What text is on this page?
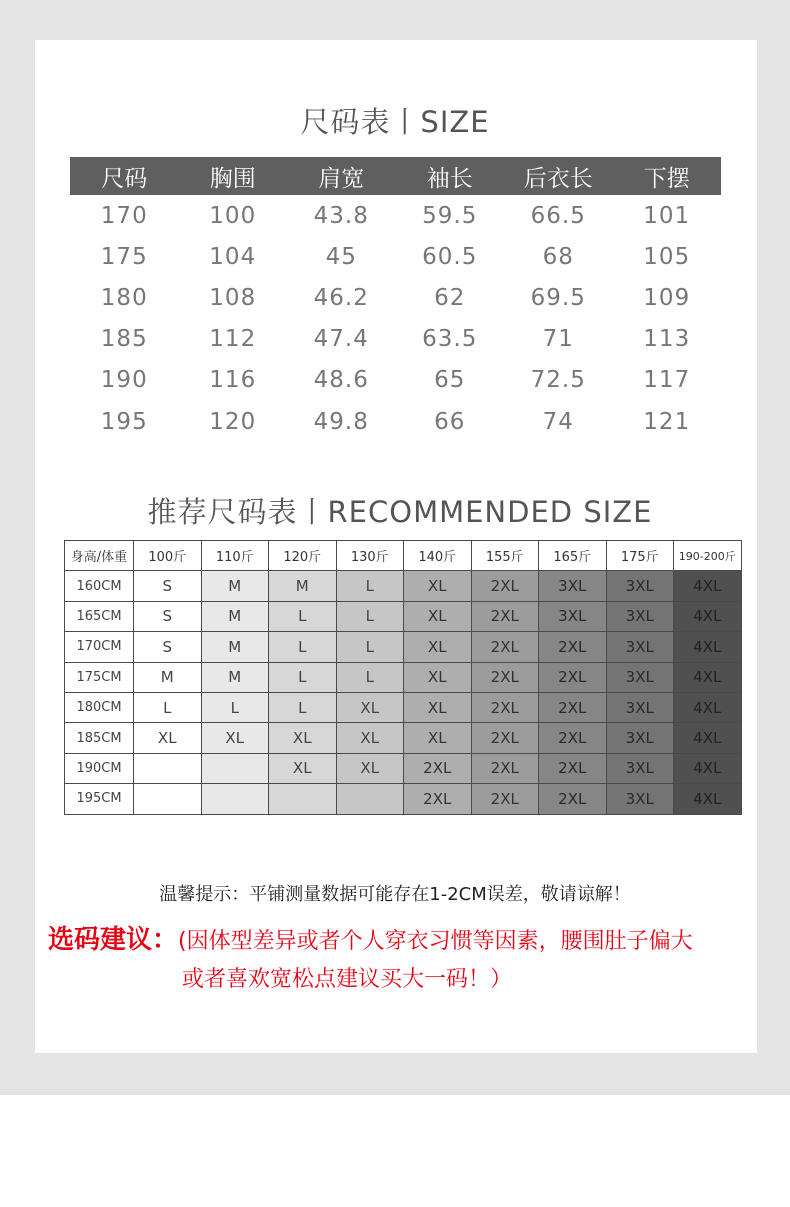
尺码表丨SIZE
尺码	胸围	肩宽	袖长	后衣长	下摆
170	100	43.8	59.5	66.5	101
175	104	45	60.5	68	105
180	108	46.2	62	69.5	109
185	112	47.4	63.5	71	113
190	116	48.6	65	72.5	117
195	120	49.8	66	74	121
推荐尺码表丨RECOMMENDED SIZE
身高/体重	100斤	110斤	120斤	130斤	140斤	155斤	165斤	175斤	190-200斤
160CM	S	M	M	L	XL	2XL	3XL	3XL	4XL
165CM	S	M	L	L	XL	2XL	3XL	3XL	4XL
170CM	S	M	L	L	XL	2XL	2XL	3XL	4XL
175CM	M	M	L	L	XL	2XL	2XL	3XL	4XL
180CM	L	L	L	XL	XL	2XL	2XL	3XL	4XL
185CM	XL	XL	XL	XL	XL	2XL	2XL	3XL	4XL
190CM			XL	XL	2XL	2XL	2XL	3XL	4XL
195CM					2XL	2XL	2XL	3XL	4XL
温馨提示：平铺测量数据可能存在1-2CM误差，敬请谅解！
选码建议：(因体型差异或者个人穿衣习惯等因素，腰围肚子偏大
或者喜欢宽松点建议买大一码！）
